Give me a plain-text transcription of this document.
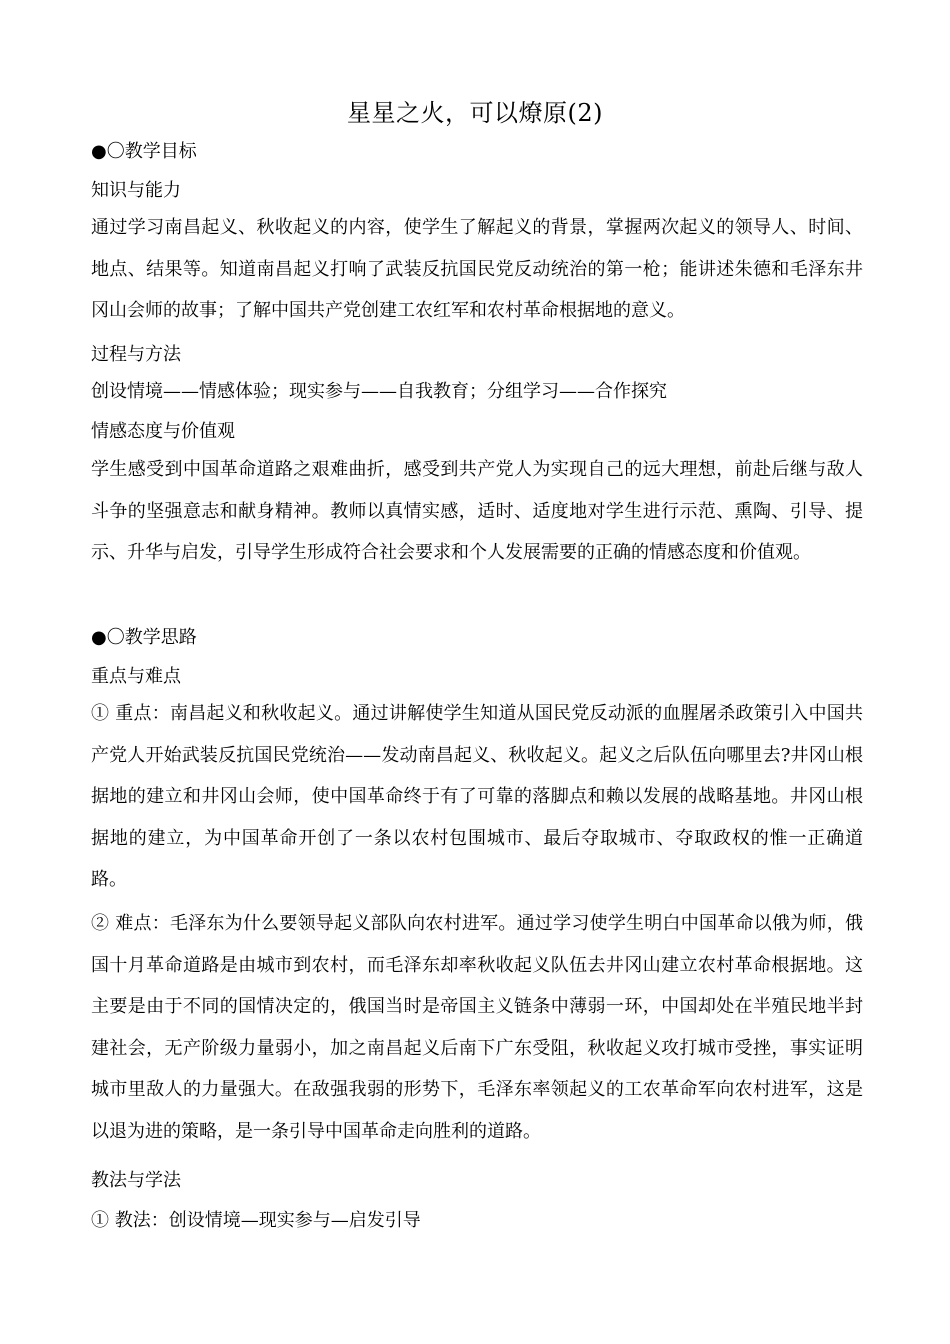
星星之火，可以燎原(2)
●〇教学目标
知识与能力

通过学习南昌起义、秋收起义的内容，使学生了解起义的背景，掌握两次起义的领导人、时间、地点、结果等。知道南昌起义打响了武装反抗国民党反动统治的第一枪；能讲述朱德和毛泽东井冈山会师的故事；了解中国共产党创建工农红军和农村革命根据地的意义。

过程与方法
创设情境——情感体验；现实参与——自我教育；分组学习——合作探究
情感态度与价值观

学生感受到中国革命道路之艰难曲折，感受到共产党人为实现自己的远大理想，前赴后继与敌人斗争的坚强意志和献身精神。教师以真情实感，适时、适度地对学生进行示范、熏陶、引导、提示、升华与启发，引导学生形成符合社会要求和个人发展需要的正确的情感态度和价值观。

●〇教学思路
重点与难点

① 重点：南昌起义和秋收起义。通过讲解使学生知道从国民党反动派的血腥屠杀政策引入中国共产党人开始武装反抗国民党统治——发动南昌起义、秋收起义。起义之后队伍向哪里去?井冈山根据地的建立和井冈山会师，使中国革命终于有了可靠的落脚点和赖以发展的战略基地。井冈山根据地的建立，为中国革命开创了一条以农村包围城市、最后夺取城市、夺取政权的惟一正确道路。

② 难点：毛泽东为什么要领导起义部队向农村进军。通过学习使学生明白中国革命以俄为师，俄国十月革命道路是由城市到农村，而毛泽东却率秋收起义队伍去井冈山建立农村革命根据地。这主要是由于不同的国情决定的，俄国当时是帝国主义链条中薄弱一环，中国却处在半殖民地半封建社会，无产阶级力量弱小，加之南昌起义后南下广东受阻，秋收起义攻打城市受挫，事实证明城市里敌人的力量强大。在敌强我弱的形势下，毛泽东率领起义的工农革命军向农村进军，这是以退为进的策略，是一条引导中国革命走向胜利的道路。

教法与学法
① 教法：创设情境—现实参与—启发引导
